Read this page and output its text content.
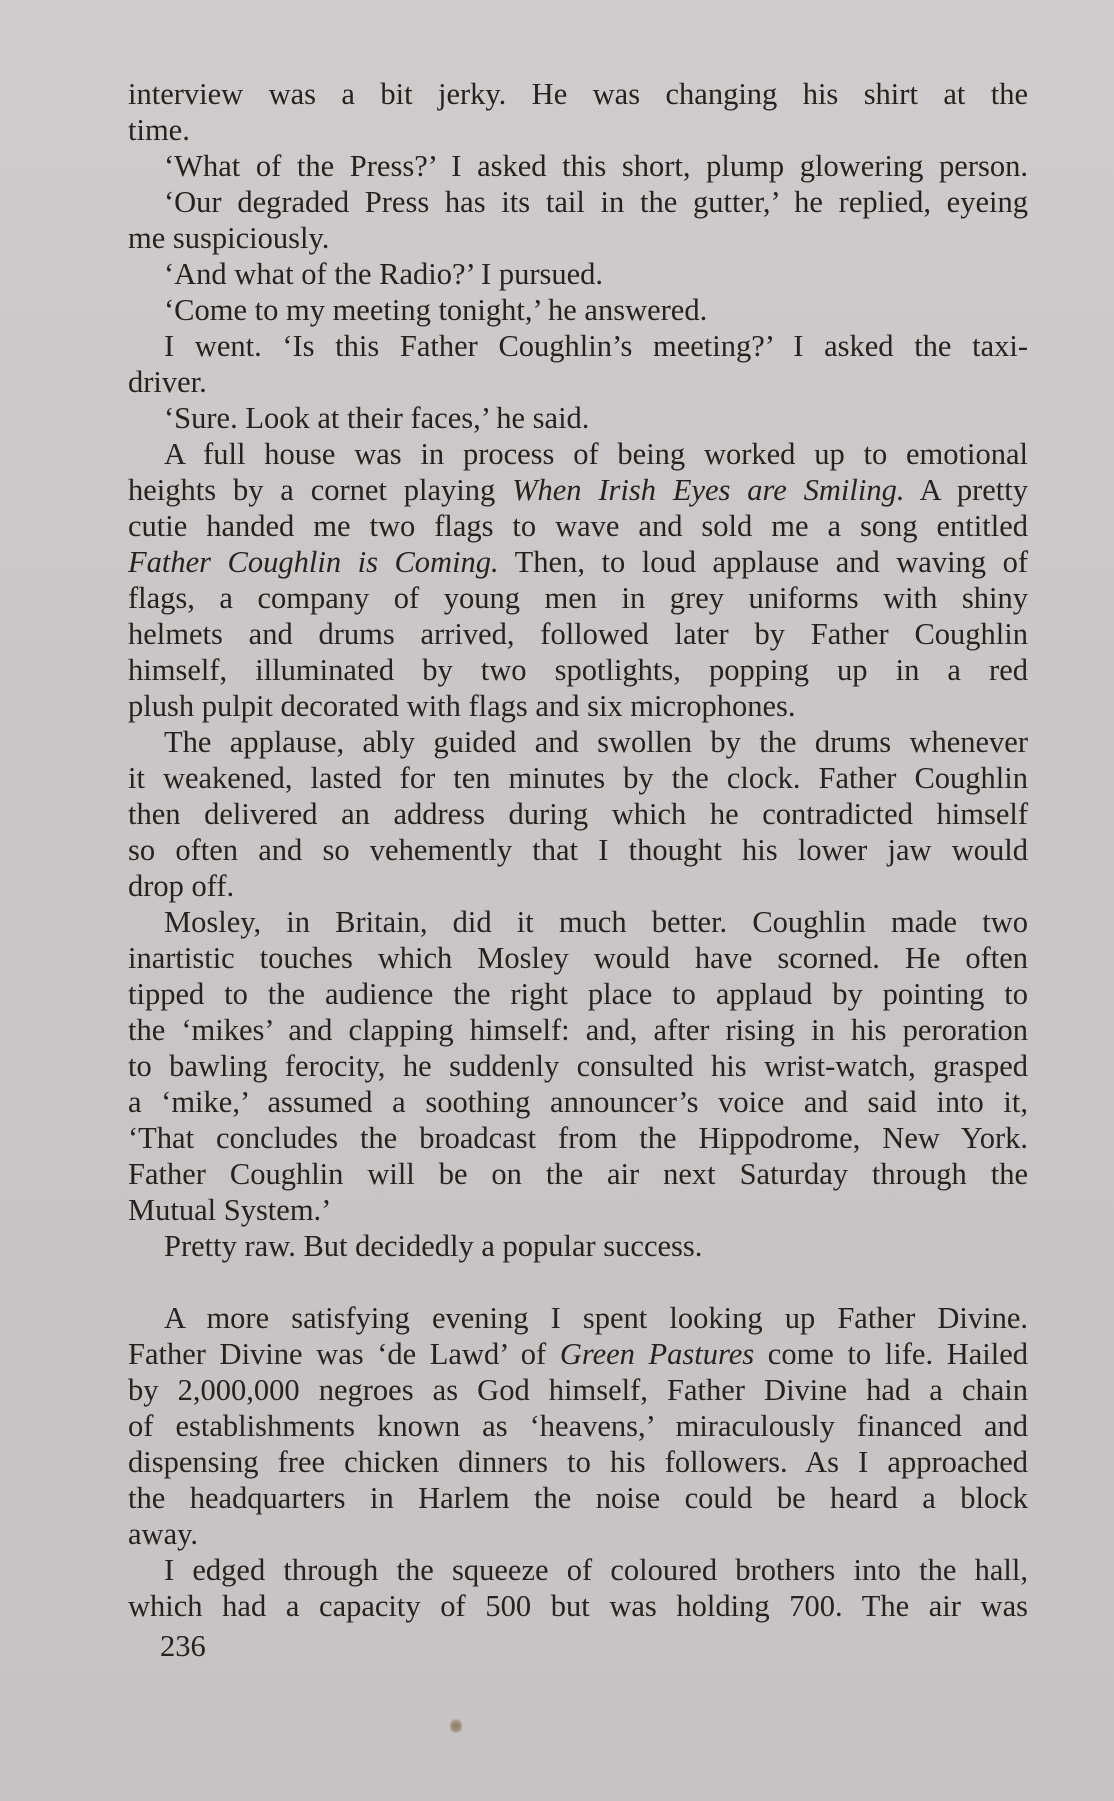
interview was a bit jerky. He was changing his shirt at the
time.
‘What of the Press?’ I asked this short, plump glowering person.
‘Our degraded Press has its tail in the gutter,’ he replied, eyeing
me suspiciously.
‘And what of the Radio?’ I pursued.
‘Come to my meeting tonight,’ he answered.
I went. ‘Is this Father Coughlin’s meeting?’ I asked the taxi-
driver.
‘Sure. Look at their faces,’ he said.
A full house was in process of being worked up to emotional
heights by a cornet playing When Irish Eyes are Smiling. A pretty
cutie handed me two flags to wave and sold me a song entitled
Father Coughlin is Coming. Then, to loud applause and waving of
flags, a company of young men in grey uniforms with shiny
helmets and drums arrived, followed later by Father Coughlin
himself, illuminated by two spotlights, popping up in a red
plush pulpit decorated with flags and six microphones.
The applause, ably guided and swollen by the drums whenever
it weakened, lasted for ten minutes by the clock. Father Coughlin
then delivered an address during which he contradicted himself
so often and so vehemently that I thought his lower jaw would
drop off.
Mosley, in Britain, did it much better. Coughlin made two
inartistic touches which Mosley would have scorned. He often
tipped to the audience the right place to applaud by pointing to
the ‘mikes’ and clapping himself: and, after rising in his peroration
to bawling ferocity, he suddenly consulted his wrist-watch, grasped
a ‘mike,’ assumed a soothing announcer’s voice and said into it,
‘That concludes the broadcast from the Hippodrome, New York.
Father Coughlin will be on the air next Saturday through the
Mutual System.’
Pretty raw. But decidedly a popular success.
A more satisfying evening I spent looking up Father Divine.
Father Divine was ‘de Lawd’ of Green Pastures come to life. Hailed
by 2,000,000 negroes as God himself, Father Divine had a chain
of establishments known as ‘heavens,’ miraculously financed and
dispensing free chicken dinners to his followers. As I approached
the headquarters in Harlem the noise could be heard a block
away.
I edged through the squeeze of coloured brothers into the hall,
which had a capacity of 500 but was holding 700. The air was
236
